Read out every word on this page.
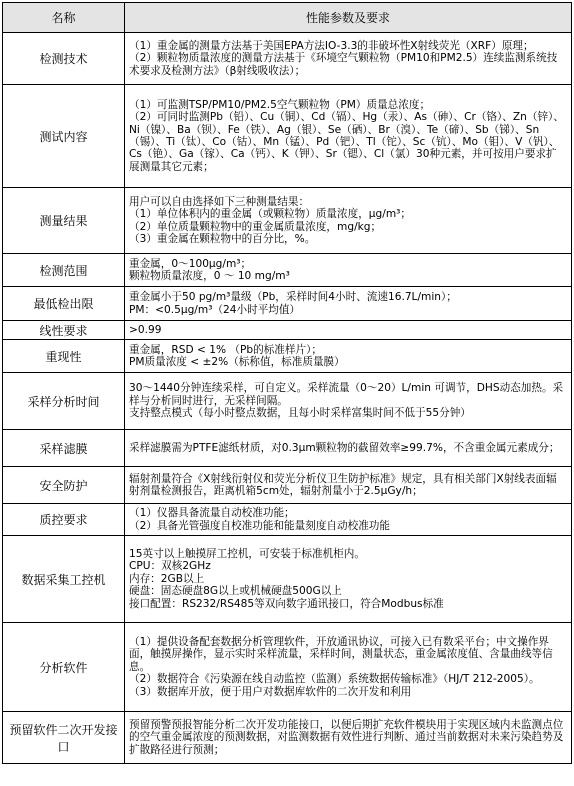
名称	性能参数及要求
检测技术	（1）重金属的测量方法基于美国EPA方法IO-3.3的非破坏性X射线荧光（XRF）原理；
（2）颗粒物质量浓度的测量方法基于《环境空气颗粒物（PM10和PM2.5）连续监测系统技术要求及检测方法》（β射线吸收法）；

测试内容	（1）可监测TSP/PM10/PM2.5空气颗粒物（PM）质量总浓度；
（2）可同时监测Pb（铅）、Cu（铜）、Cd（镉）、Hg（汞）、As（砷）、Cr（铬）、Zn（锌）、Ni（镍）、Ba（钡）、Fe（铁）、Ag（银）、Se（硒）、Br（溴）、Te（碲）、Sb（锑）、Sn（锡）、Ti（钛）、Co（钴）、Mn（锰）、Pd（钯）、Tl（铊）、Sc（钪）、Mo（钼）、V（钒）、Cs（铯）、Ga（镓）、Ca（钙）、K（钾）、Sr（锶）、Cl（氯）30种元素，并可按用户要求扩展测量其它元素；

测量结果	用户可以自由选择如下三种测量结果：
（1）单位体积内的重金属（或颗粒物）质量浓度，μg/m³；
（2）单位质量颗粒物中的重金属质量浓度，mg/kg；
（3）重金属在颗粒物中的百分比，%。

检测范围	重金属，0～100μg/m³；
颗粒物质量浓度，0 ～ 10 mg/m³

最低检出限	重金属小于50 pg/m³量级（Pb，采样时间4小时、流速16.7L/min）；
PM：<0.5μg/m³（24小时平均值）

线性要求	>0.99

重现性	重金属，RSD < 1% （Pb的标准样片）；
PM质量浓度 < ±2%（标称值，标准质量膜）

采样分析时间	30～1440分钟连续采样，可自定义。采样流量（0～20）L/min 可调节，DHS动态加热。采样与分析同时进行，无采样间隔。
支持整点模式（每小时整点数据，且每小时采样富集时间不低于55分钟）

采样滤膜	采样滤膜需为PTFE滤纸材质，对0.3μm颗粒物的截留效率≥99.7%，不含重金属元素成分；

安全防护	辐射剂量符合《X射线衍射仪和荧光分析仪卫生防护标准》规定，具有相关部门X射线表面辐射剂量检测报告，距离机箱5cm处，辐射剂量小于2.5μGy/h；

质控要求	（1）仪器具备流量自动校准功能；
（2）具备光管强度自校准功能和能量刻度自动校准功能

数据采集工控机	15英寸以上触摸屏工控机，可安装于标准机柜内。
CPU：双核2GHz
内存：2GB以上
硬盘：固态硬盘8G以上或机械硬盘500G以上
接口配置：RS232/RS485等双向数字通讯接口，符合Modbus标准

分析软件	（1）提供设备配套数据分析管理软件，开放通讯协议，可接入已有数采平台；中文操作界面，触摸屏操作，显示实时采样流量，采样时间，测量状态，重金属浓度值、含量曲线等信息。
（2）数据符合《污染源在线自动监控（监测）系统数据传输标准》（HJ/T 212-2005）。
（3）数据库开放，便于用户对数据库软件的二次开发和利用

预留软件二次开发接口	预留预警预报智能分析二次开发功能接口，以便后期扩充软件模块用于实现区域内未监测点位的空气重金属浓度的预测数据，对监测数据有效性进行判断、通过当前数据对未来污染趋势及扩散路径进行预测；
